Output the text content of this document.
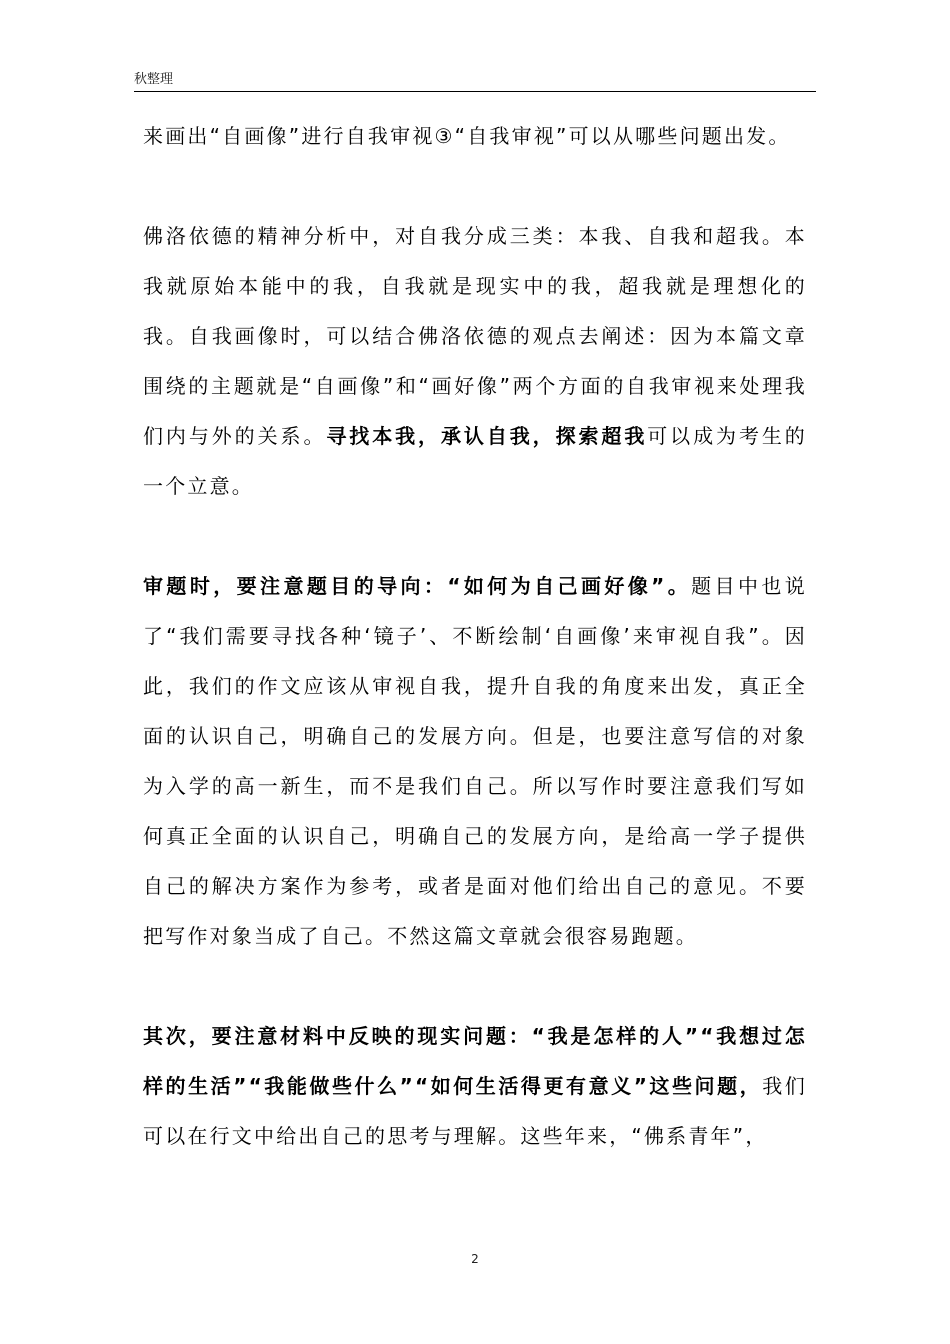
秋整理

来画出“自画像”进行自我审视③“自我审视”可以从哪些问题出发。

佛洛依德的精神分析中，对自我分成三类：本我、自我和超我。本我就原始本能中的我，自我就是现实中的我，超我就是理想化的我。自我画像时，可以结合佛洛依德的观点去阐述：因为本篇文章围绕的主题就是“自画像”和“画好像”两个方面的自我审视来处理我们内与外的关系。寻找本我，承认自我，探索超我可以成为考生的一个立意。

审题时，要注意题目的导向：“如何为自己画好像”。题目中也说了“我们需要寻找各种‘镜子’、不断绘制‘自画像’来审视自我”。因此，我们的作文应该从审视自我，提升自我的角度来出发，真正全面的认识自己，明确自己的发展方向。但是，也要注意写信的对象为入学的高一新生，而不是我们自己。所以写作时要注意我们写如何真正全面的认识自己，明确自己的发展方向，是给高一学子提供自己的解决方案作为参考，或者是面对他们给出自己的意见。不要把写作对象当成了自己。不然这篇文章就会很容易跑题。

其次，要注意材料中反映的现实问题：“我是怎样的人”“我想过怎样的生活”“我能做些什么”“如何生活得更有意义”这些问题，我们可以在行文中给出自己的思考与理解。这些年来，“佛系青年”，

2
